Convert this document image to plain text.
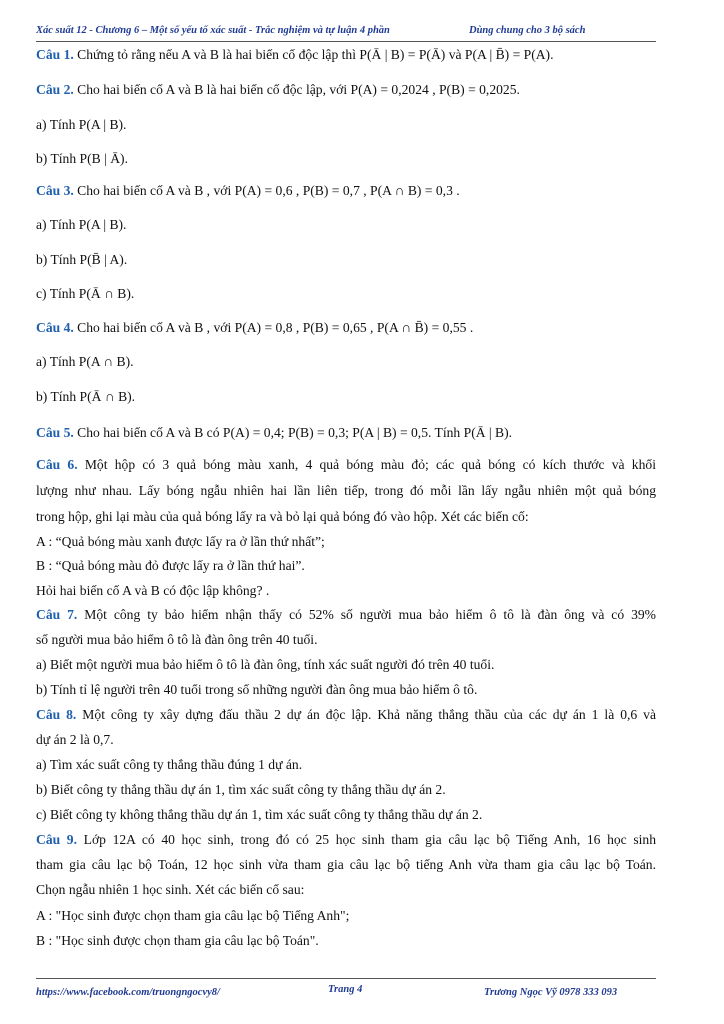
Xác suất 12 - Chương 6 – Một số yếu tố xác suất - Trắc nghiệm và tự luận 4 phần	Dùng chung cho 3 bộ sách
Câu 1. Chứng tỏ rằng nếu A và B là hai biến cố độc lập thì P(Ā | B) = P(Ā) và P(A | B̄) = P(A).
Câu 2. Cho hai biến cố A và B là hai biến cố độc lập, với P(A) = 0,2024 , P(B) = 0,2025.
a) Tính P(A | B).
b) Tính P(B | Ā).
Câu 3. Cho hai biến cố A và B , với P(A) = 0,6 , P(B) = 0,7 , P(A ∩ B) = 0,3 .
a) Tính P(A | B).
b) Tính P(B̄ | A).
c) Tính P(Ā ∩ B).
Câu 4. Cho hai biến cố A và B , với P(A) = 0,8 , P(B) = 0,65 , P(A ∩ B̄) = 0,55 .
a) Tính P(A ∩ B).
b) Tính P(Ā ∩ B).
Câu 5. Cho hai biến cố A và B có P(A) = 0,4; P(B) = 0,3; P(A | B) = 0,5. Tính P(Ā | B).
Câu 6. Một hộp có 3 quả bóng màu xanh, 4 quả bóng màu đỏ; các quả bóng có kích thước và khối
lượng như nhau. Lấy bóng ngẫu nhiên hai lần liên tiếp, trong đó mỗi lần lấy ngẫu nhiên một quả bóng
trong hộp, ghi lại màu của quả bóng lấy ra và bỏ lại quả bóng đó vào hộp. Xét các biến cố:
A : “Quả bóng màu xanh được lấy ra ở lần thứ nhất”;
B : “Quả bóng màu đỏ được lấy ra ở lần thứ hai”.
Hỏi hai biến cố A và B có độc lập không? .
Câu 7. Một công ty bảo hiểm nhận thấy có 52% số người mua bảo hiểm ô tô là đàn ông và có 39%
số người mua bảo hiểm ô tô là đàn ông trên 40 tuổi.
a) Biết một người mua bảo hiểm ô tô là đàn ông, tính xác suất người đó trên 40 tuổi.
b) Tính tỉ lệ người trên 40 tuổi trong số những người đàn ông mua bảo hiểm ô tô.
Câu 8. Một công ty xây dựng đấu thầu 2 dự án độc lập. Khả năng thắng thầu của các dự án 1 là 0,6 và
dự án 2 là 0,7.
a) Tìm xác suất công ty thắng thầu đúng 1 dự án.
b) Biết công ty thắng thầu dự án 1, tìm xác suất công ty thắng thầu dự án 2.
c) Biết công ty không thắng thầu dự án 1, tìm xác suất công ty thắng thầu dự án 2.
Câu 9. Lớp 12A có 40 học sinh, trong đó có 25 học sinh tham gia câu lạc bộ Tiếng Anh, 16 học sinh
tham gia câu lạc bộ Toán, 12 học sinh vừa tham gia câu lạc bộ tiếng Anh vừa tham gia câu lạc bộ Toán.
Chọn ngẫu nhiên 1 học sinh. Xét các biến cố sau:
A : "Học sinh được chọn tham gia câu lạc bộ Tiếng Anh";
B : "Học sinh được chọn tham gia câu lạc bộ Toán".
https://www.facebook.com/truongngocvy8/	Trang 4	Trương Ngọc Vỹ 0978 333 093
